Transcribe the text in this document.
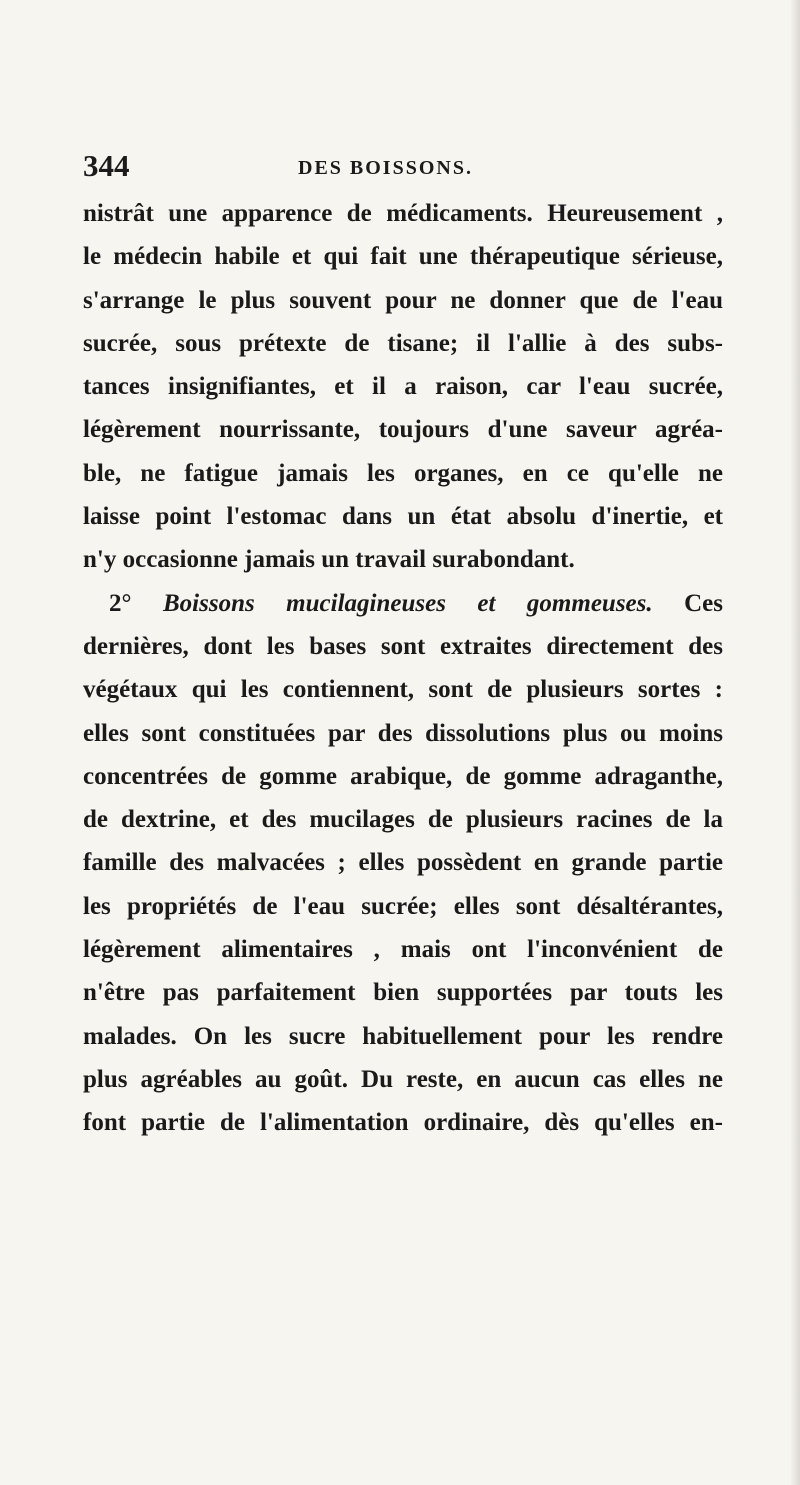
344	DES BOISSONS.
nistrât une apparence de médicaments. Heureusement ,
le médecin habile et qui fait une thérapeutique sérieuse,
s'arrange le plus souvent pour ne donner que de l'eau
sucrée, sous prétexte de tisane; il l'allie à des subs-
tances insignifiantes, et il a raison, car l'eau sucrée,
légèrement nourrissante, toujours d'une saveur agréa-
ble, ne fatigue jamais les organes, en ce qu'elle ne
laisse point l'estomac dans un état absolu d'inertie, et
n'y occasionne jamais un travail surabondant.
2° Boissons mucilagineuses et gommeuses. Ces
dernières, dont les bases sont extraites directement des
végétaux qui les contiennent, sont de plusieurs sortes :
elles sont constituées par des dissolutions plus ou moins
concentrées de gomme arabique, de gomme adraganthe,
de dextrine, et des mucilages de plusieurs racines de la
famille des malvacées ; elles possèdent en grande partie
les propriétés de l'eau sucrée; elles sont désaltérantes,
légèrement alimentaires , mais ont l'inconvénient de
n'être pas parfaitement bien supportées par touts les
malades. On les sucre habituellement pour les rendre
plus agréables au goût. Du reste, en aucun cas elles ne
font partie de l'alimentation ordinaire, dès qu'elles en-
